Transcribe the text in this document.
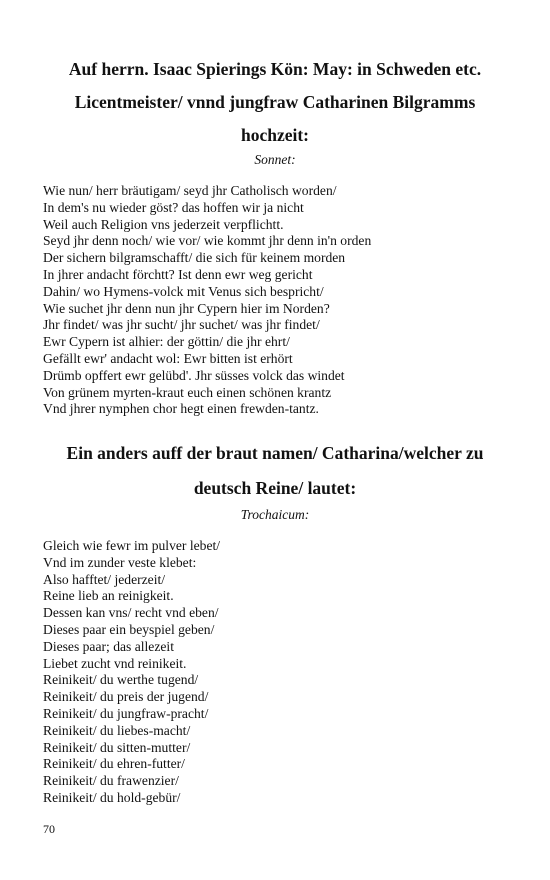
Auf herrn. Isaac Spierings Kön: May: in Schweden etc.
Licentmeister/ vnnd jungfraw Catharinen Bilgramms
hochzeit:
Sonnet:
Wie nun/ herr bräutigam/ seyd jhr Catholisch worden/
In dem's nu wieder göst? das hoffen wir ja nicht
Weil auch Religion vns jederzeit verpflichtt.
Seyd jhr denn noch/ wie vor/ wie kommt jhr denn in'n orden
Der sichern bilgramschafft/ die sich für keinem morden
In jhrer andacht förchtt? Ist denn ewr weg gericht
Dahin/ wo Hymens-volck mit Venus sich bespricht/
Wie suchet jhr denn nun jhr Cypern hier im Norden?
Jhr findet/ was jhr sucht/ jhr suchet/ was jhr findet/
Ewr Cypern ist alhier: der göttin/ die jhr ehrt/
Gefällt ewr' andacht wol: Ewr bitten ist erhört
Drümb opffert ewr gelübd'. Jhr süsses volck das windet
Von grünem myrten-kraut euch einen schönen krantz
Vnd jhrer nymphen chor hegt einen frewden-tantz.
Ein anders auff der braut namen/ Catharina/welcher zu
deutsch Reine/ lautet:
Trochaicum:
Gleich wie fewr im pulver lebet/
Vnd im zunder veste klebet:
Also hafftet/ jederzeit/
Reine lieb an reinigkeit.
Dessen kan vns/ recht vnd eben/
Dieses paar ein beyspiel geben/
Dieses paar; das allezeit
Liebet zucht vnd reinikeit.
Reinikeit/ du werthe tugend/
Reinikeit/ du preis der jugend/
Reinikeit/ du jungfraw-pracht/
Reinikeit/ du liebes-macht/
Reinikeit/ du sitten-mutter/
Reinikeit/ du ehren-futter/
Reinikeit/ du frawenzier/
Reinikeit/ du hold-gebür/
70
